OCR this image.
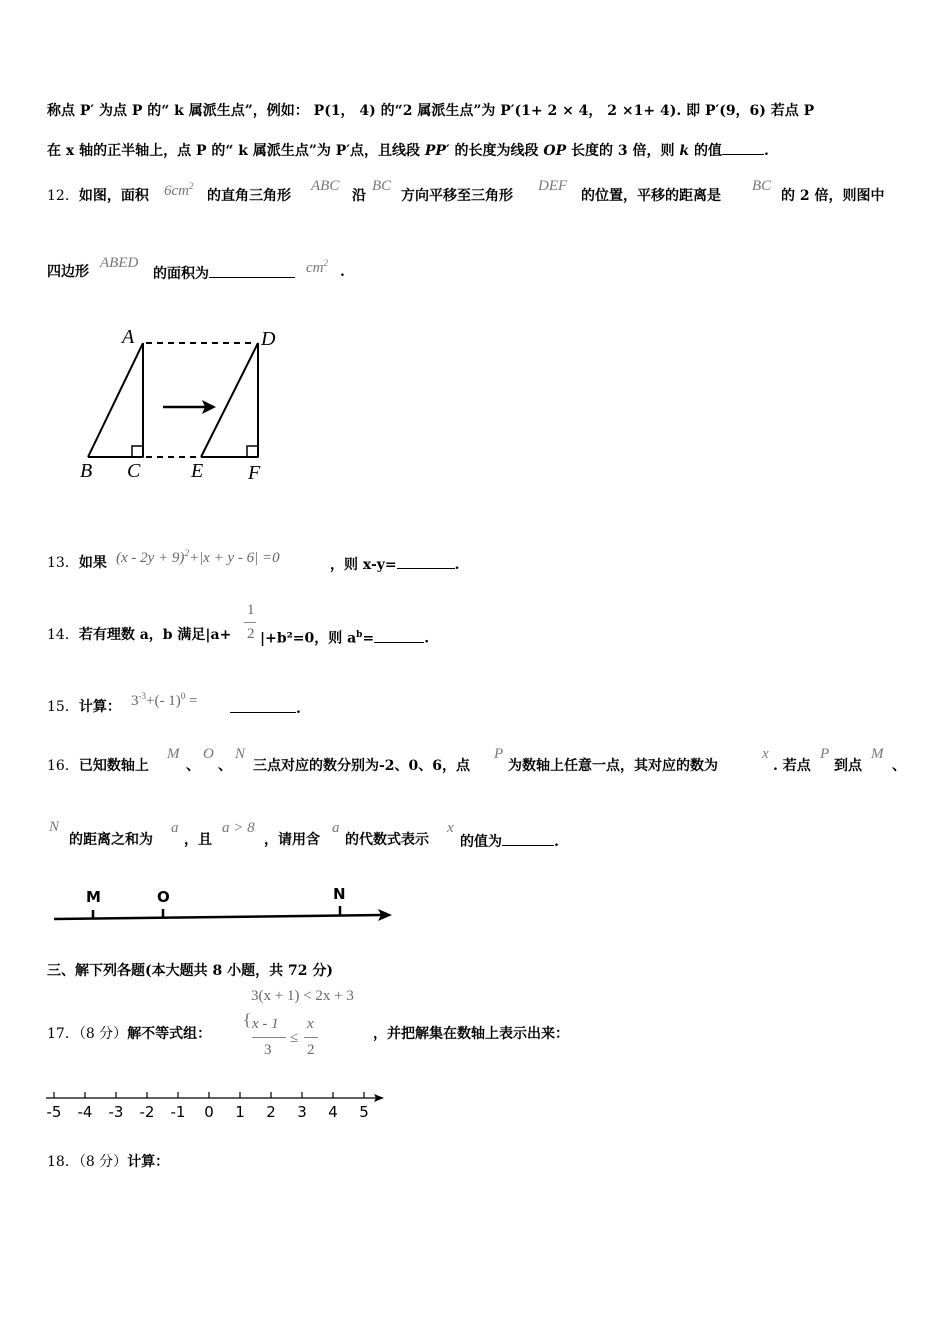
称点 P′ 为点 P 的“ k 属派生点”，例如： P(1， 4) 的“2 属派生点”为 P′(1+ 2 × 4， 2 ×1+ 4). 即 P′(9，6) 若点 P
在 x 轴的正半轴上，点 P 的“ k 属派生点”为 P′点，且线段 PP′ 的长度为线段 OP 长度的 3 倍，则 k 的值	.
12．如图，面积 $6cm^2$
的直角三角形
ABC
沿
BC
方向平移至三角形
DEF
的位置，平移的距离是
BC
的 2 倍，则图中
四边形
ABED
的面积为	$cm^2$
.
A
B C
D
E F
13．如果 $(x - 2y + 9)^2+|x + y - 6| =0$	，则 x-y=	.
14．若有理数 a，b 满足|a+
1
2 |+b²=0，则 $a^b=$	.
15．计算： $3^{-3}+(-$ 1)$^0$ =	.
16．已知数轴上
M
、
O
、
N
三点对应的数分别为-2、0、6，点
P
为数轴上任意一点，其对应的数为
x
. 若点
P
到点
M
、
N
的距离之和为
a
，且
a > 8
，请用含
a
的代数式表示
x
的值为	.
M	O	N
三、解下列各题(本大题共 8 小题，共 72 分)
3(x + 1) < 2x + 3
17．（8 分）解不等式组：
{ x - 1
3
≤
x
2
，并把解集在数轴上表示出来：
-5 -4 -3 -2 -1 0 1 2 3 4 5
18．（8 分）计算：
